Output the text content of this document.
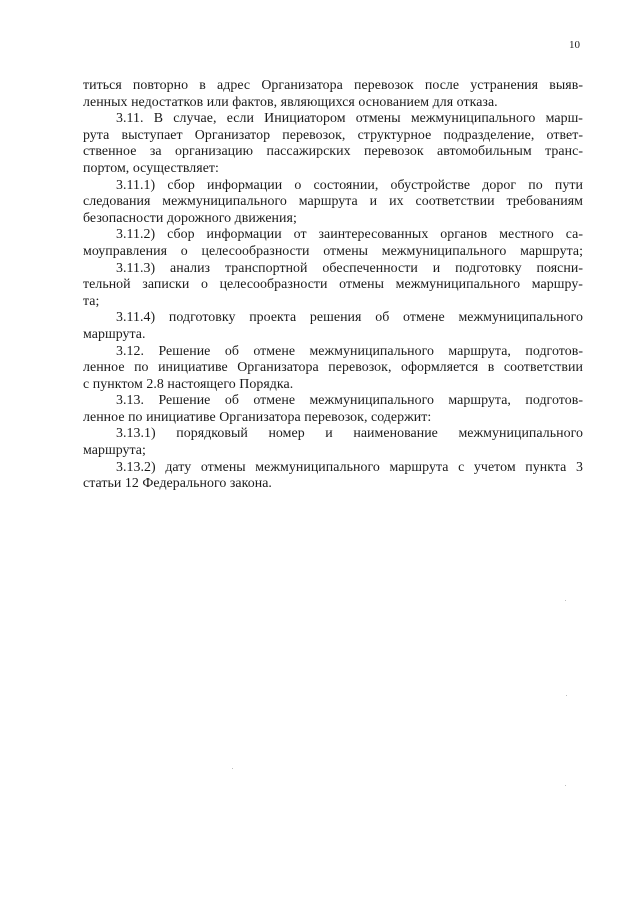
10
титься повторно в адрес Организатора перевозок после устранения выяв-
ленных недостатков или фактов, являющихся основанием для отказа.
3.11. В случае, если Инициатором отмены межмуниципального марш-
рута выступает Организатор перевозок, структурное подразделение, ответ-
ственное за организацию пассажирских перевозок автомобильным транс-
портом, осуществляет:
3.11.1) сбор информации о состоянии, обустройстве дорог по пути
следования межмуниципального маршрута и их соответствии требованиям
безопасности дорожного движения;
3.11.2) сбор информации от заинтересованных органов местного са-
моуправления о целесообразности отмены межмуниципального маршрута;
3.11.3) анализ транспортной обеспеченности и подготовку поясни-
тельной записки о целесообразности отмены межмуниципального маршру-
та;
3.11.4) подготовку проекта решения об отмене межмуниципального
маршрута.
3.12. Решение об отмене межмуниципального маршрута, подготов-
ленное по инициативе Организатора перевозок, оформляется в соответствии
с пунктом 2.8 настоящего Порядка.
3.13. Решение об отмене межмуниципального маршрута, подготов-
ленное по инициативе Организатора перевозок, содержит:
3.13.1) порядковый номер и наименование межмуниципального
маршрута;
3.13.2) дату отмены межмуниципального маршрута с учетом пункта 3
статьи 12 Федерального закона.
